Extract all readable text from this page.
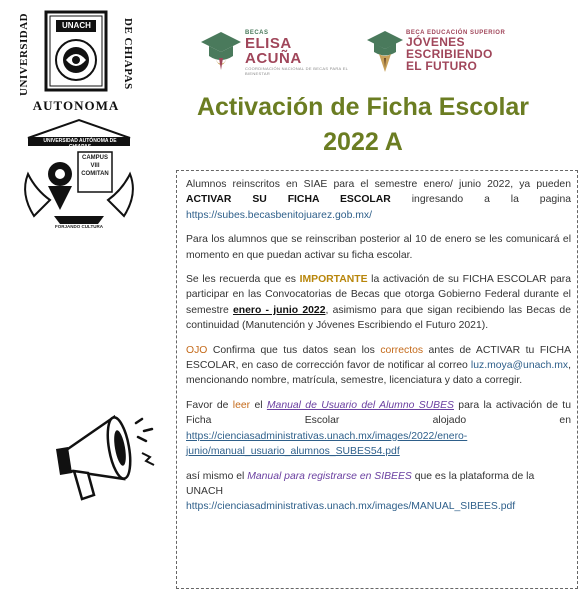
UNIVERSIDAD	DE CHIAPAS
UNACH
AUTONOMA
UNIVERSIDAD AUTÓNOMA DE CHIAPAS
CAMPUS
VIII
COMITAN
FORJANDO CULTURA
BECAS
ELISA ACUÑA
COORDINACIÓN NACIONAL DE BECAS PARA EL BIENESTAR
BECA EDUCACIÓN SUPERIOR
JÓVENES ESCRIBIENDO
EL FUTURO
Activación de Ficha Escolar
2022 A

Alumnos reinscritos en SIAE para el semestre enero/ junio 2022, ya pueden ACTIVAR SU FICHA ESCOLAR ingresando a la pagina https://subes.becasbenitojuarez.gob.mx/

Para los alumnos que se reinscriban posterior al 10 de enero se les comunicará el momento en que puedan activar su ficha escolar.

Se les recuerda que es IMPORTANTE la activación de su FICHA ESCOLAR para participar en las Convocatorias de Becas que otorga Gobierno Federal durante el semestre enero - junio 2022, asimismo para que sigan recibiendo las Becas de continuidad (Manutención y Jóvenes Escribiendo el Futuro 2021).

OJO Confirma que tus datos sean los correctos antes de ACTIVAR tu FICHA ESCOLAR, en caso de corrección favor de notificar al correo luz.moya@unach.mx, mencionando nombre, matrícula, semestre, licenciatura y dato a corregir.

Favor de leer el Manual de Usuario del Alumno SUBES para la activación de tu Ficha Escolar alojado en https://cienciasadministrativas.unach.mx/images/2022/enero-junio/manual_usuario_alumnos_SUBES54.pdf

así mismo el Manual para registrarse en SIBEES que es la plataforma de la UNACH
https://cienciasadministrativas.unach.mx/images/MANUAL_SIBEES.pdf
